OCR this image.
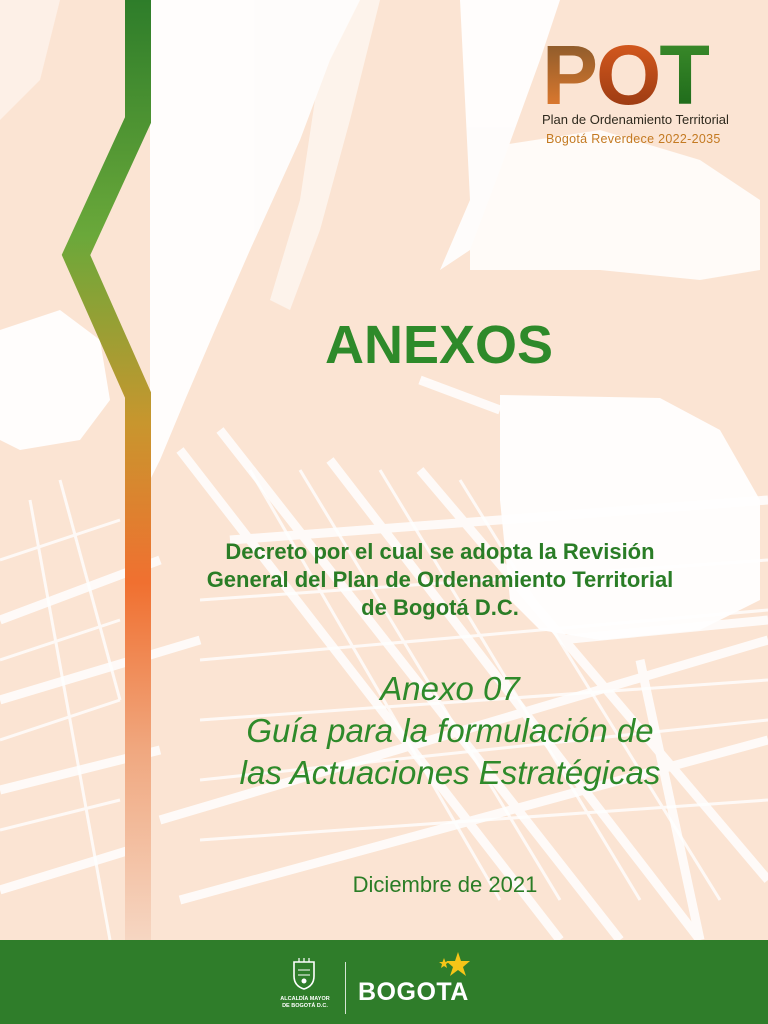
P O T
Plan de Ordenamiento Territorial
Bogotá Reverdece 2022-2035
ANEXOS
Decreto por el cual se adopta la Revisión
General del Plan de Ordenamiento Territorial
de Bogotá D.C.
Anexo 07
Guía para la formulación de
las Actuaciones Estratégicas
Diciembre de 2021
ALCALDÍA MAYOR
DE BOGOTÁ D.C. BOGOTA
